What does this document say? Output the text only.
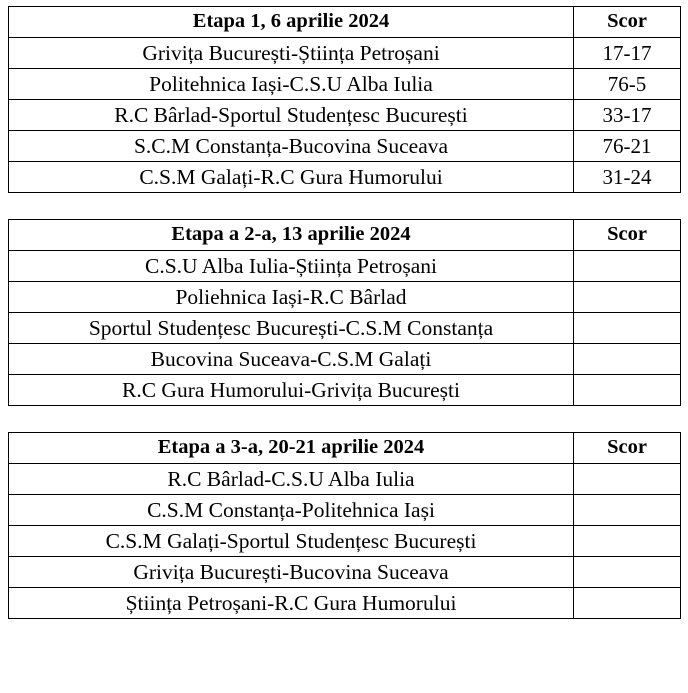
Etapa 1, 6 aprilie 2024	Scor
Grivița București-Știința Petroșani	17-17
Politehnica Iași-C.S.U Alba Iulia	76-5
R.C Bârlad-Sportul Studențesc București	33-17
S.C.M Constanța-Bucovina Suceava	76-21
C.S.M Galați-R.C Gura Humorului	31-24
Etapa a 2-a, 13 aprilie 2024	Scor
C.S.U Alba Iulia-Știința Petroșani	
Poliehnica Iași-R.C Bârlad	
Sportul Studențesc București-C.S.M Constanța	
Bucovina Suceava-C.S.M Galați	
R.C Gura Humorului-Grivița București	
Etapa a 3-a, 20-21 aprilie 2024	Scor
R.C Bârlad-C.S.U Alba Iulia	
C.S.M Constanța-Politehnica Iași	
C.S.M Galați-Sportul Studențesc București	
Grivița București-Bucovina Suceava	
Știința Petroșani-R.C Gura Humorului	
